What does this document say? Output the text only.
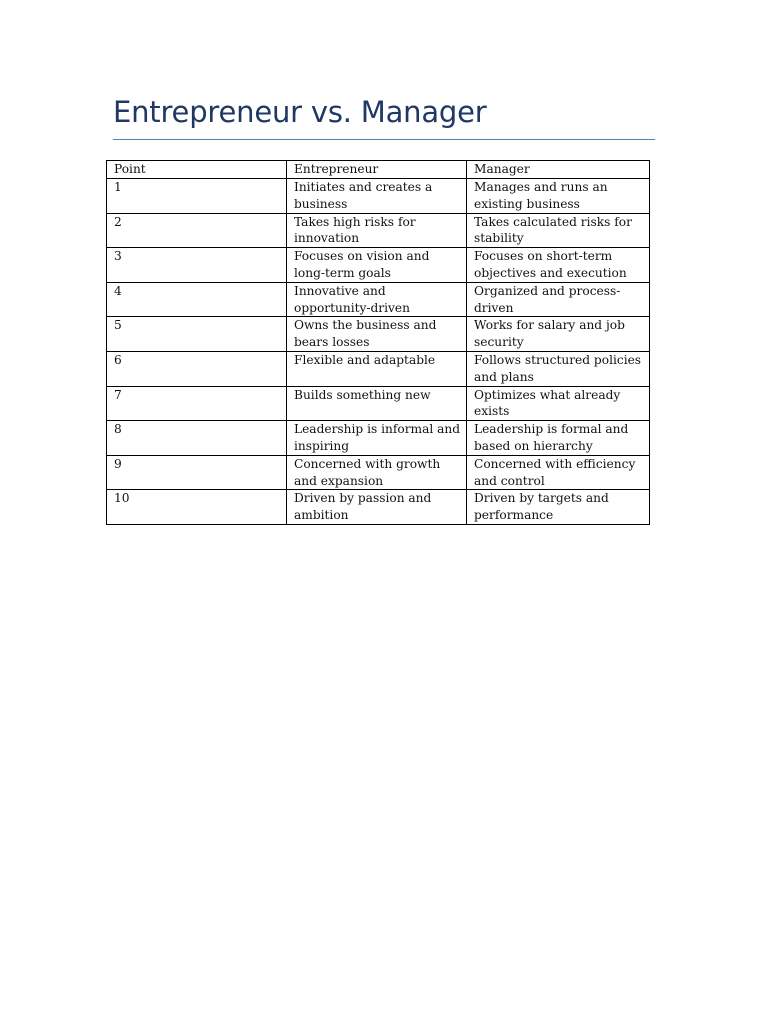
Entrepreneur vs. Manager
Point	Entrepreneur	Manager
1	Initiates and creates a business	Manages and runs an existing business
2	Takes high risks for innovation	Takes calculated risks for stability
3	Focuses on vision and long-term goals	Focuses on short-term objectives and execution
4	Innovative and opportunity-driven	Organized and process-driven
5	Owns the business and bears losses	Works for salary and job security
6	Flexible and adaptable	Follows structured policies and plans
7	Builds something new	Optimizes what already exists
8	Leadership is informal and inspiring	Leadership is formal and based on hierarchy
9	Concerned with growth and expansion	Concerned with efficiency and control
10	Driven by passion and ambition	Driven by targets and performance
